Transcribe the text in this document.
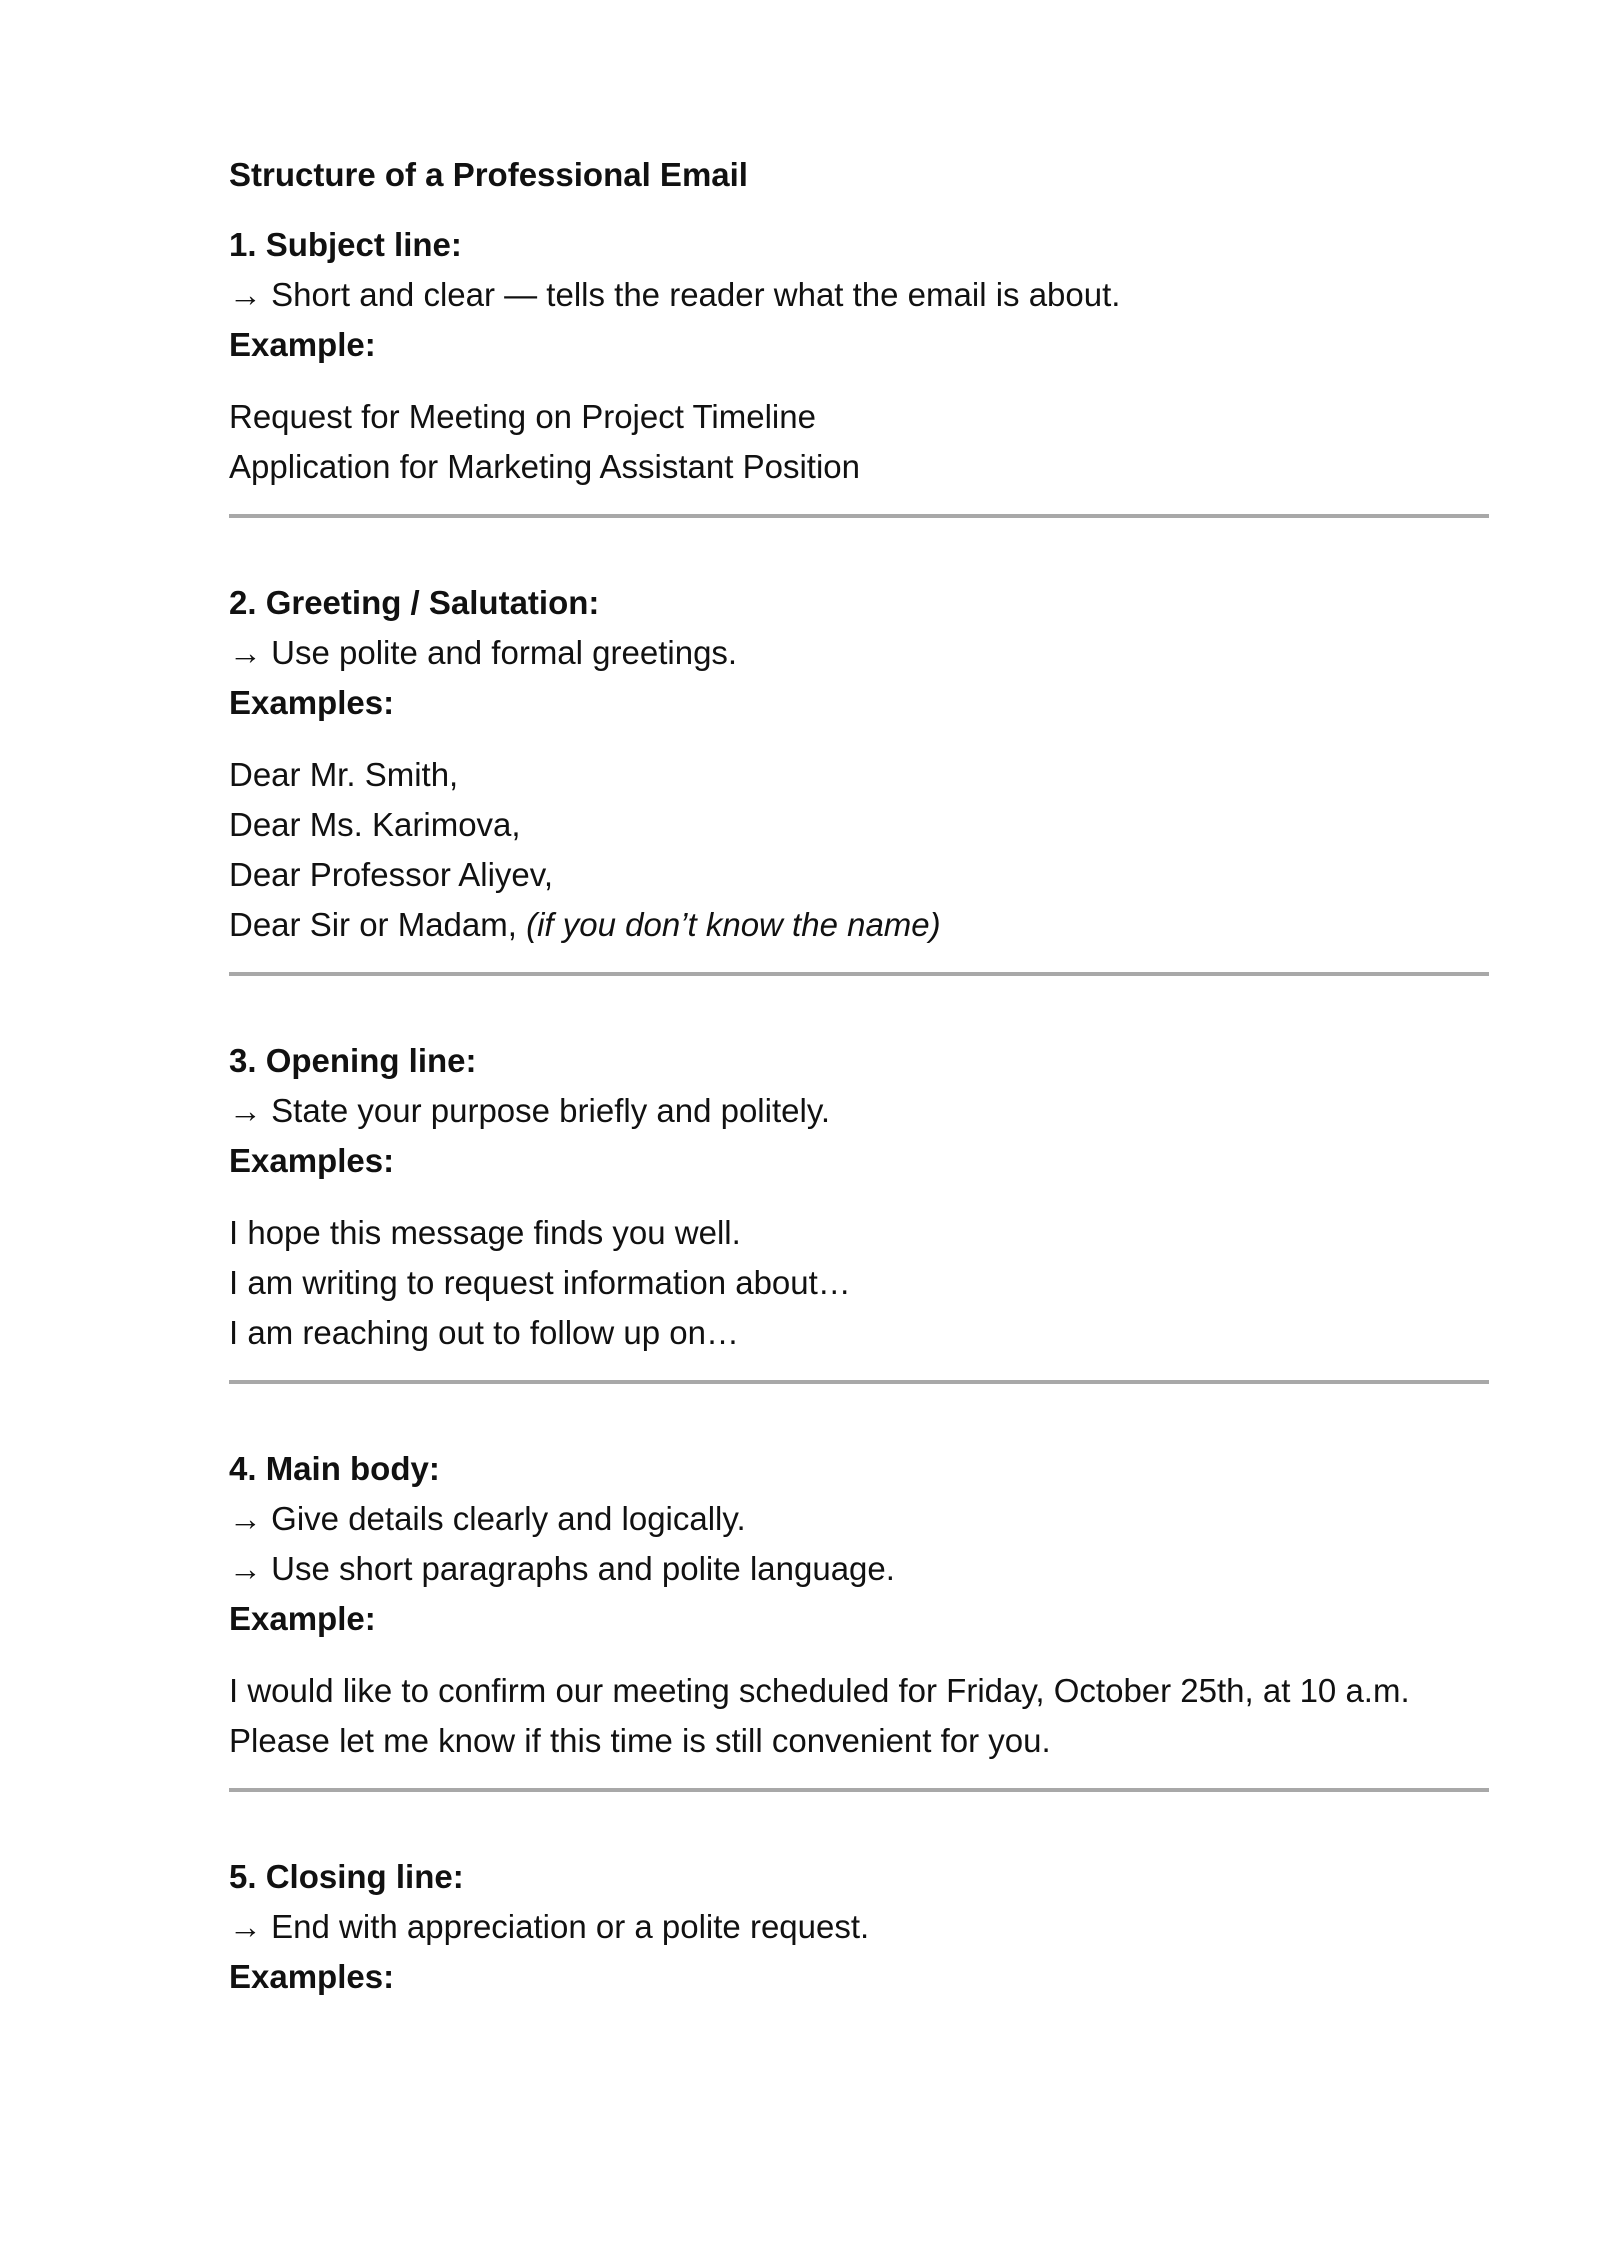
Structure of a Professional Email
1. Subject line:
→ Short and clear — tells the reader what the email is about.
Example:
Request for Meeting on Project Timeline
Application for Marketing Assistant Position
2. Greeting / Salutation:
→ Use polite and formal greetings.
Examples:
Dear Mr. Smith,
Dear Ms. Karimova,
Dear Professor Aliyev,
Dear Sir or Madam, (if you don’t know the name)
3. Opening line:
→ State your purpose briefly and politely.
Examples:
I hope this message finds you well.
I am writing to request information about…
I am reaching out to follow up on…
4. Main body:
→ Give details clearly and logically.
→ Use short paragraphs and polite language.
Example:
I would like to confirm our meeting scheduled for Friday, October 25th, at 10 a.m.
Please let me know if this time is still convenient for you.
5. Closing line:
→ End with appreciation or a polite request.
Examples:
